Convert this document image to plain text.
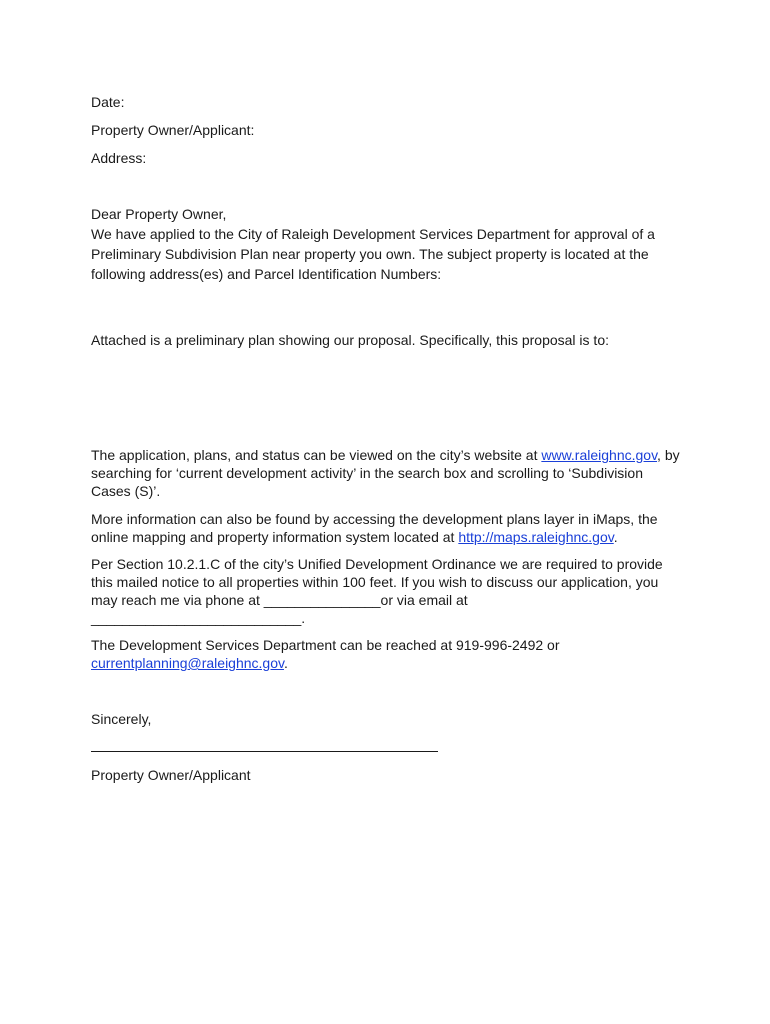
Date:
Property Owner/Applicant:
Address:
Dear Property Owner,
We have applied to the City of Raleigh Development Services Department for approval of a
Preliminary Subdivision Plan near property you own. The subject property is located at the
following address(es) and Parcel Identification Numbers:
Attached is a preliminary plan showing our proposal. Specifically, this proposal is to:
The application, plans, and status can be viewed on the city’s website at www.raleighnc.gov, by
searching for ‘current development activity’ in the search box and scrolling to ‘Subdivision
Cases (S)’.
More information can also be found by accessing the development plans layer in iMaps, the
online mapping and property information system located at http://maps.raleighnc.gov.
Per Section 10.2.1.C of the city’s Unified Development Ordinance we are required to provide
this mailed notice to all properties within 100 feet. If you wish to discuss our application, you
may reach me via phone at _______________or via email at
___________________________.
The Development Services Department can be reached at 919-996-2492 or
currentplanning@raleighnc.gov.
Sincerely,
Property Owner/Applicant
